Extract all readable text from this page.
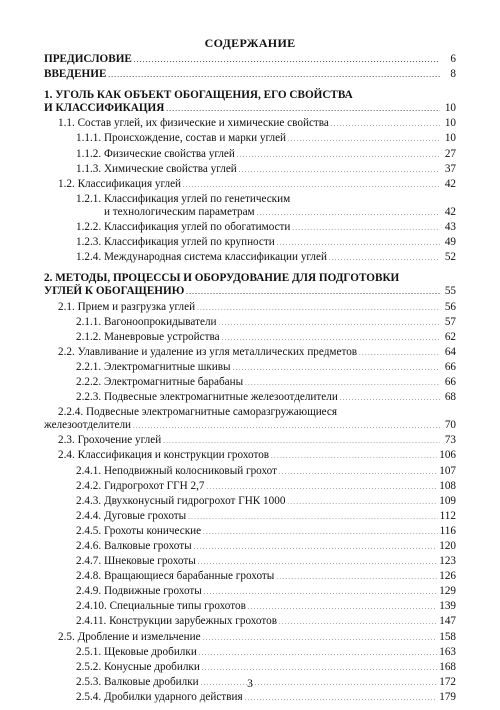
СОДЕРЖАНИЕ
ПРЕДИСЛОВИЕ . . .	6
ВВЕДЕНИЕ . . .	8
1. УГОЛЬ КАК ОБЪЕКТ ОБОГАЩЕНИЯ, ЕГО СВОЙСТВА
И КЛАССИФИКАЦИЯ . . .	10
1.1. Состав углей, их физические и химические свойства . . .	10
1.1.1. Происхождение, состав и марки углей . . .	10
1.1.2. Физические свойства углей . . .	27
1.1.3. Химические свойства углей . . .	37
1.2. Классификация углей . . .	42
1.2.1. Классификация углей по генетическим
и технологическим параметрам . . .	42
1.2.2. Классификация углей по обогатимости . . .	43
1.2.3. Классификация углей по крупности . . .	49
1.2.4. Международная система классификации углей . . .	52
2. МЕТОДЫ, ПРОЦЕССЫ И ОБОРУДОВАНИЕ ДЛЯ ПОДГОТОВКИ
УГЛЕЙ К ОБОГАЩЕНИЮ . . .	55
2.1. Прием и разгрузка углей . . .	56
2.1.1. Вагоноопрокидыватели . . .	57
2.1.2. Маневровые устройства . . .	62
2.2. Улавливание и удаление из угля металлических предметов . . .	64
2.2.1. Электромагнитные шкивы . . .	66
2.2.2. Электромагнитные барабаны . . .	66
2.2.3. Подвесные электромагнитные железоотделители . . .	68
2.2.4. Подвесные электромагнитные саморазгружающиеся
железоотделители . . .	70
2.3. Грохочение углей . . .	73
2.4. Классификация и конструкции грохотов . . .	106
2.4.1. Неподвижный колосниковый грохот . . .	107
2.4.2. Гидрогрохот ГГН 2,7 . . .	108
2.4.3. Двухконусный гидрогрохот ГНК 1000 . . .	109
2.4.4. Дуговые грохоты . . .	112
2.4.5. Грохоты конические . . .	116
2.4.6. Валковые грохоты . . .	120
2.4.7. Шнековые грохоты . . .	123
2.4.8. Вращающиеся барабанные грохоты . . .	126
2.4.9. Подвижные грохоты . . .	129
2.4.10. Специальные типы грохотов . . .	139
2.4.11. Конструкции зарубежных грохотов . . .	147
2.5. Дробление и измельчение . . .	158
2.5.1. Щековые дробилки . . .	163
2.5.2. Конусные дробилки . . .	168
2.5.3. Валковые дробилки . . .	172
2.5.4. Дробилки ударного действия . . .	179
3
